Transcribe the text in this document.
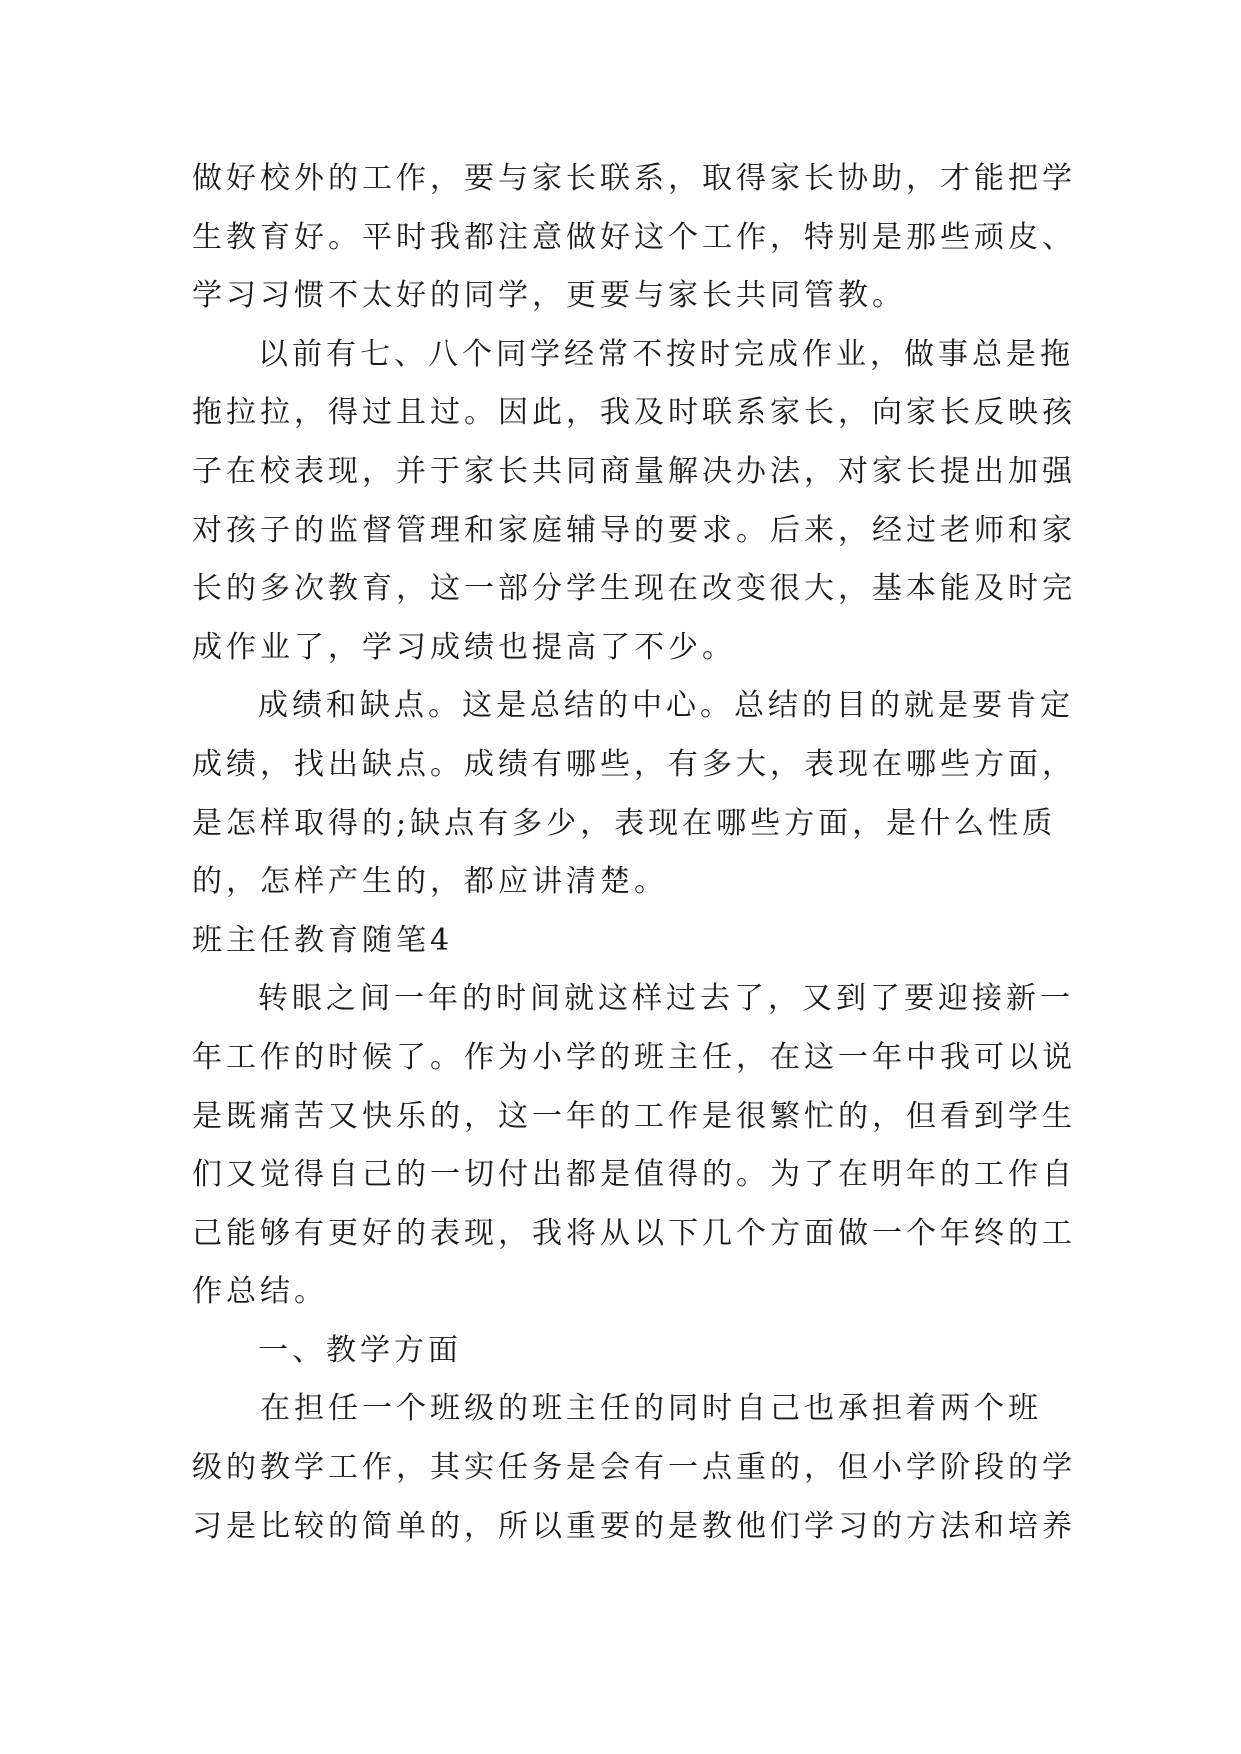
做好校外的工作，要与家长联系，取得家长协助，才能把学
生教育好。平时我都注意做好这个工作，特别是那些顽皮、
学习习惯不太好的同学，更要与家长共同管教。
以前有七、八个同学经常不按时完成作业，做事总是拖
拖拉拉，得过且过。因此，我及时联系家长，向家长反映孩
子在校表现，并于家长共同商量解决办法，对家长提出加强
对孩子的监督管理和家庭辅导的要求。后来，经过老师和家
长的多次教育，这一部分学生现在改变很大，基本能及时完
成作业了，学习成绩也提高了不少。
成绩和缺点。这是总结的中心。总结的目的就是要肯定
成绩，找出缺点。成绩有哪些，有多大，表现在哪些方面，
是怎样取得的;缺点有多少，表现在哪些方面，是什么性质
的，怎样产生的，都应讲清楚。
班主任教育随笔4
转眼之间一年的时间就这样过去了，又到了要迎接新一
年工作的时候了。作为小学的班主任，在这一年中我可以说
是既痛苦又快乐的，这一年的工作是很繁忙的，但看到学生
们又觉得自己的一切付出都是值得的。为了在明年的工作自
己能够有更好的表现，我将从以下几个方面做一个年终的工
作总结。
一、教学方面
在担任一个班级的班主任的同时自己也承担着两个班
级的教学工作，其实任务是会有一点重的，但小学阶段的学
习是比较的简单的，所以重要的是教他们学习的方法和培养
